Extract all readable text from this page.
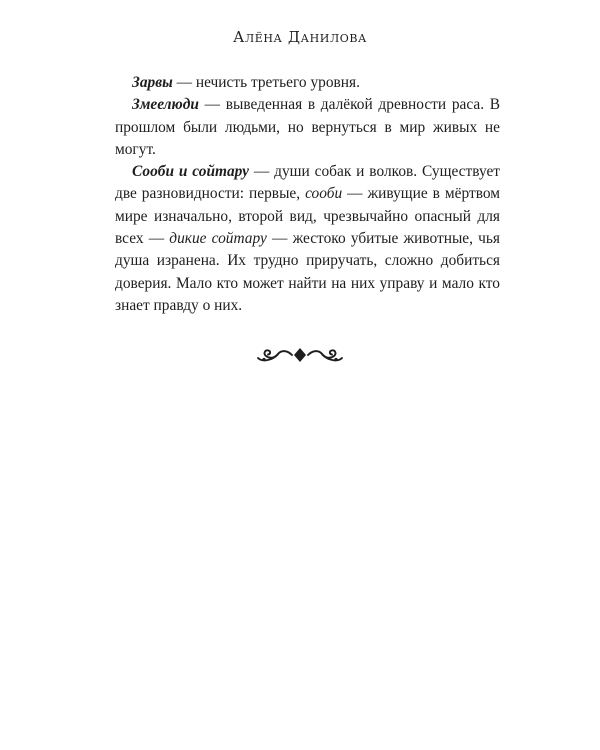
Алёна Данилова

Зарвы — нечисть третьего уровня.

Змеелюди — выведенная в далёкой древности раса. В прошлом были людьми, но вернуться в мир живых не могут.

Сооби и сойтару — души собак и волков. Существует две разновидности: первые, сооби — живущие в мёртвом мире изначально, второй вид, чрезвычайно опасный для всех — дикие сойтару — жестоко убитые животные, чья душа изранена. Их трудно приручать, сложно добиться доверия. Мало кто может найти на них управу и мало кто знает правду о них.
